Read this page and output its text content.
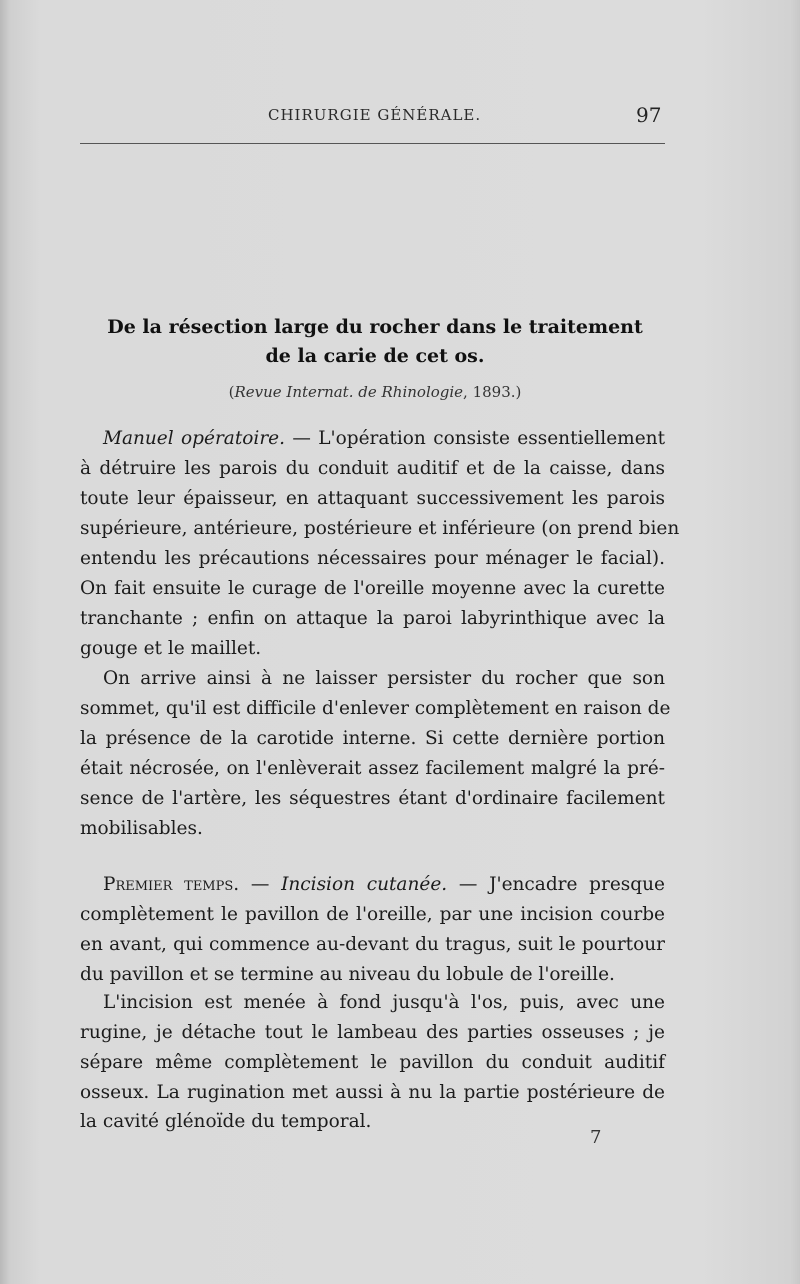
CHIRURGIE GÉNÉRALE.	97
De la résection large du rocher dans le traitement
de la carie de cet os.
(Revue Internat. de Rhinologie, 1893.)
Manuel opératoire. — L'opération consiste essentiellement
à détruire les parois du conduit auditif et de la caisse, dans
toute leur épaisseur, en attaquant successivement les parois
supérieure, antérieure, postérieure et inférieure (on prend bien
entendu les précautions nécessaires pour ménager le facial).
On fait ensuite le curage de l'oreille moyenne avec la curette
tranchante ; enfin on attaque la paroi labyrinthique avec la
gouge et le maillet.
On arrive ainsi à ne laisser persister du rocher que son
sommet, qu'il est difficile d'enlever complètement en raison de
la présence de la carotide interne. Si cette dernière portion
était nécrosée, on l'enlèverait assez facilement malgré la pré-
sence de l'artère, les séquestres étant d'ordinaire facilement
mobilisables.
Premier temps. — Incision cutanée. — J'encadre presque
complètement le pavillon de l'oreille, par une incision courbe
en avant, qui commence au-devant du tragus, suit le pourtour
du pavillon et se termine au niveau du lobule de l'oreille.
L'incision est menée à fond jusqu'à l'os, puis, avec une
rugine, je détache tout le lambeau des parties osseuses ; je
sépare même complètement le pavillon du conduit auditif
osseux. La rugination met aussi à nu la partie postérieure de
la cavité glénoïde du temporal.
7
